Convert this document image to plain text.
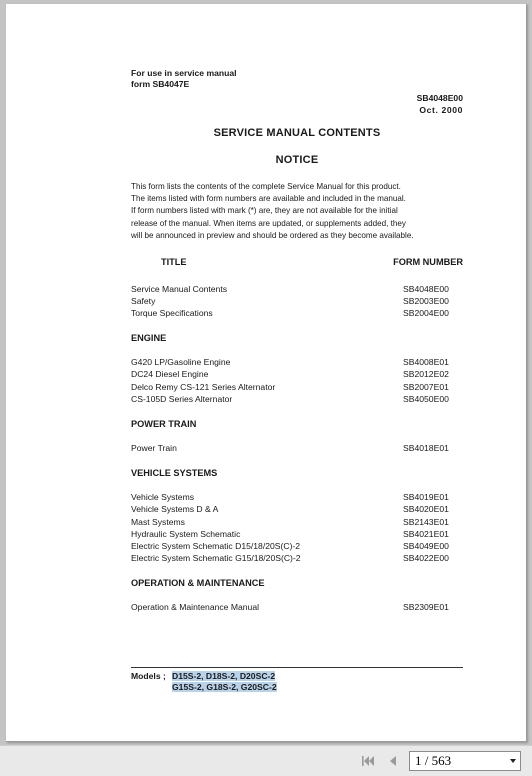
For use in service manual
form SB4047E
SB4048E00
Oct. 2000
SERVICE MANUAL CONTENTS
NOTICE
This form lists the contents of the complete Service Manual for this product.
The items listed with form numbers are available and included in the manual.
If form numbers listed with mark (*) are, they are not available for the initial
release of the manual. When items are updated, or supplements added, they
will be announced in preview and should be ordered as they become available.
TITLE	FORM NUMBER
Service Manual Contents	SB4048E00
Safety	SB2003E00
Torque Specifications	SB2004E00
ENGINE
G420 LP/Gasoline Engine	SB4008E01
DC24 Diesel Engine	SB2012E02
Delco Remy CS-121 Series Alternator	SB2007E01
CS-105D Series Alternator	SB4050E00
POWER TRAIN
Power Train	SB4018E01
VEHICLE SYSTEMS
Vehicle Systems	SB4019E01
Vehicle Systems D & A	SB4020E01
Mast Systems	SB2143E01
Hydraulic System Schematic	SB4021E01
Electric System Schematic D15/18/20S(C)-2	SB4049E00
Electric System Schematic G15/18/20S(C)-2	SB4022E00
OPERATION & MAINTENANCE
Operation & Maintenance Manual	SB2309E01
Models ; D15S-2, D18S-2, D20SC-2
G15S-2, G18S-2, G20SC-2
1 / 563
